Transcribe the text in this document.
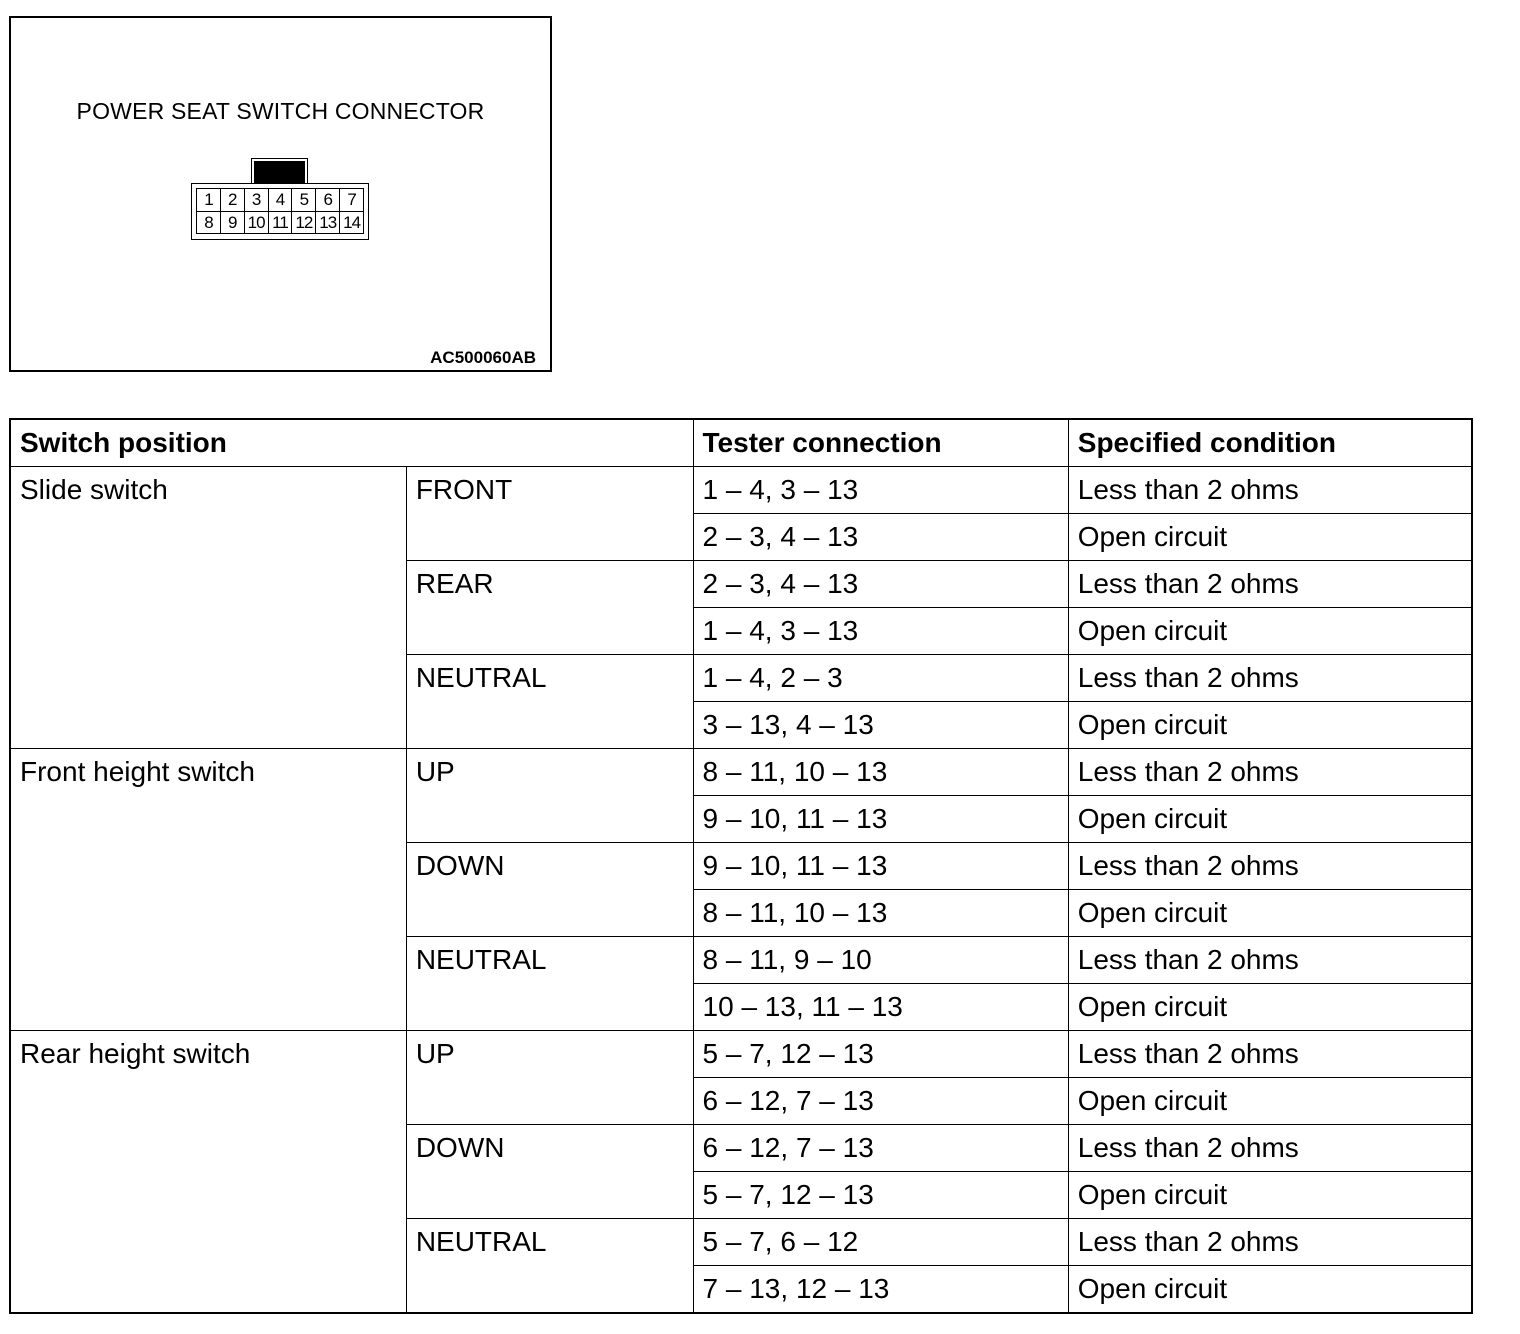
POWER SEAT SWITCH CONNECTOR
1 2 3 4 5 6 7
8 9 10 11 12 13 14
AC500060AB
Switch position		Tester connection	Specified condition
Slide switch	FRONT	1 – 4, 3 – 13	Less than 2 ohms
		2 – 3, 4 – 13	Open circuit
	REAR	2 – 3, 4 – 13	Less than 2 ohms
		1 – 4, 3 – 13	Open circuit
	NEUTRAL	1 – 4, 2 – 3	Less than 2 ohms
		3 – 13, 4 – 13	Open circuit
Front height switch	UP	8 – 11, 10 – 13	Less than 2 ohms
		9 – 10, 11 – 13	Open circuit
	DOWN	9 – 10, 11 – 13	Less than 2 ohms
		8 – 11, 10 – 13	Open circuit
	NEUTRAL	8 – 11, 9 – 10	Less than 2 ohms
		10 – 13, 11 – 13	Open circuit
Rear height switch	UP	5 – 7, 12 – 13	Less than 2 ohms
		6 – 12, 7 – 13	Open circuit
	DOWN	6 – 12, 7 – 13	Less than 2 ohms
		5 – 7, 12 – 13	Open circuit
	NEUTRAL	5 – 7, 6 – 12	Less than 2 ohms
		7 – 13, 12 – 13	Open circuit
